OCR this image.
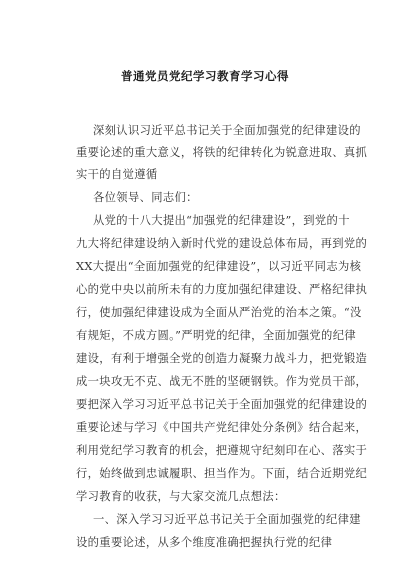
普通党员党纪学习教育学习心得
深刻认识习近平总书记关于全面加强党的纪律建设的
重要论述的重大意义，将铁的纪律转化为锐意进取、真抓
实干的自觉遵循
各位领导、同志们：
从党的十八大提出“加强党的纪律建设”，到党的十
九大将纪律建设纳入新时代党的建设总体布局，再到党的
XX大提出“全面加强党的纪律建设”，以习近平同志为核
心的党中央以前所未有的力度加强纪律建设、严格纪律执
行，使加强纪律建设成为全面从严治党的治本之策。“没
有规矩，不成方圆。”严明党的纪律，全面加强党的纪律
建设，有利于增强全党的创造力凝聚力战斗力，把党锻造
成一块攻无不克、战无不胜的坚硬钢铁。作为党员干部，
要把深入学习习近平总书记关于全面加强党的纪律建设的
重要论述与学习《中国共产党纪律处分条例》结合起来，
利用党纪学习教育的机会，把遵规守纪刻印在心、落实于
行，始终做到忠诚履职、担当作为。下面，结合近期党纪
学习教育的收获，与大家交流几点想法：
一、深入学习习近平总书记关于全面加强党的纪律建
设的重要论述，从多个维度准确把握执行党的纪律
